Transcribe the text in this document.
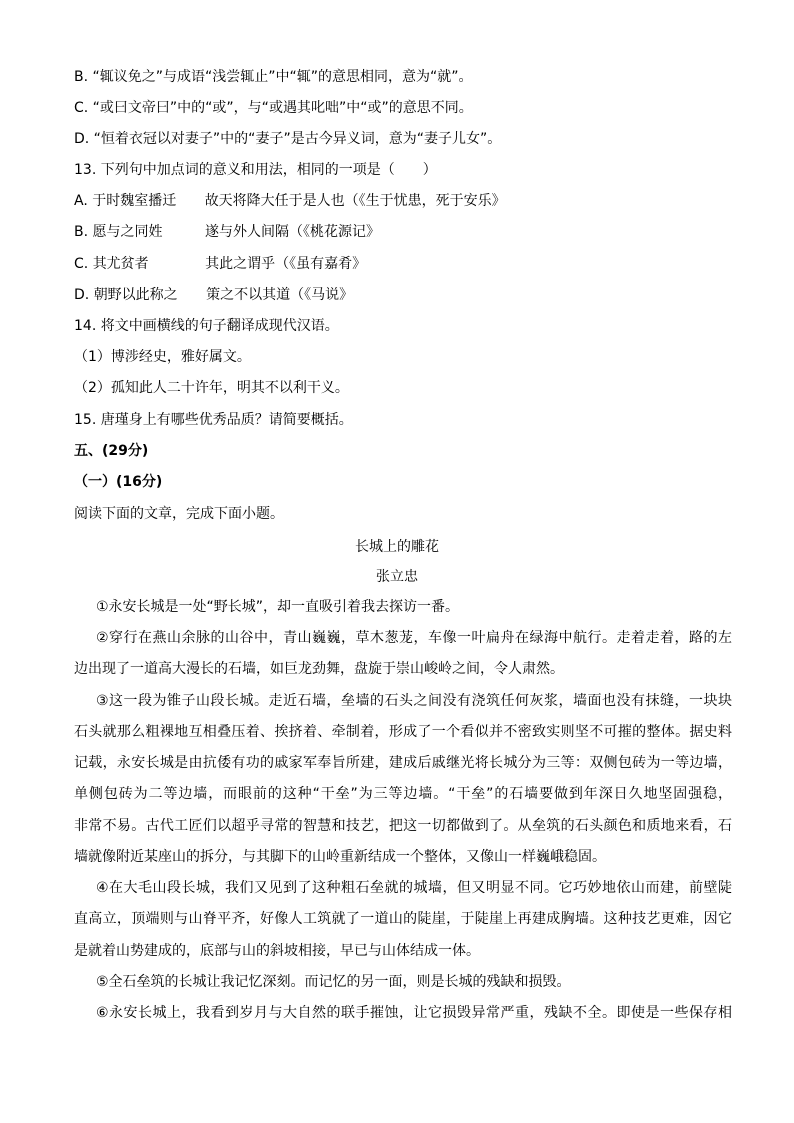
B. “辄议免之”与成语“浅尝辄止”中“辄”的意思相同，意为“就”。
C. “或曰文帝曰”中的“或”，与“或遇其叱咄”中“或”的意思不同。
D. “恒着衣冠以对妻子”中的“妻子”是古今异义词，意为“妻子儿女”。
13. 下列句中加点词的意义和用法，相同的一项是（　　）
A. 于时魏室播迁 故天将降大任于是人也（《生于忧患，死于安乐》
B. 愿与之同姓	遂与外人间隔（《桃花源记》
C. 其尤贫者	其此之谓乎（《虽有嘉肴》
D. 朝野以此称之 策之不以其道（《马说》
14. 将文中画横线的句子翻译成现代汉语。
（1）博涉经史，雅好属文。
（2）孤知此人二十许年，明其不以利干义。
15. 唐瑾身上有哪些优秀品质？请简要概括。
五、(29分)
（一）(16分)
阅读下面的文章，完成下面小题。
长城上的雕花
张立忠
①永安长城是一处“野长城”，却一直吸引着我去探访一番。
②穿行在燕山余脉的山谷中，青山巍巍，草木葱茏，车像一叶扁舟在绿海中航行。走着走着，路的左
边出现了一道高大漫长的石墙，如巨龙劲舞，盘旋于崇山峻岭之间，令人肃然。
③这一段为锥子山段长城。走近石墙，垒墙的石头之间没有浇筑任何灰浆，墙面也没有抹缝，一块块
石头就那么粗裸地互相叠压着、挨挤着、牵制着，形成了一个看似并不密致实则坚不可摧的整体。据史料
记载，永安长城是由抗倭有功的戚家军奉旨所建，建成后戚继光将长城分为三等：双侧包砖为一等边墙，
单侧包砖为二等边墙，而眼前的这种“干垒”为三等边墙。“干垒”的石墙要做到年深日久地坚固强稳，
非常不易。古代工匠们以超乎寻常的智慧和技艺，把这一切都做到了。从垒筑的石头颜色和质地来看，石
墙就像附近某座山的拆分，与其脚下的山岭重新结成一个整体，又像山一样巍峨稳固。
④在大毛山段长城，我们又见到了这种粗石垒就的城墙，但又明显不同。它巧妙地依山而建，前壁陡
直高立，顶端则与山脊平齐，好像人工筑就了一道山的陡崖，于陡崖上再建成胸墙。这种技艺更难，因它
是就着山势建成的，底部与山的斜坡相接，早已与山体结成一体。
⑤全石垒筑的长城让我记忆深刻。而记忆的另一面，则是长城的残缺和损毁。
⑥永安长城上，我看到岁月与大自然的联手摧蚀，让它损毁异常严重，残缺不全。即使是一些保存相
